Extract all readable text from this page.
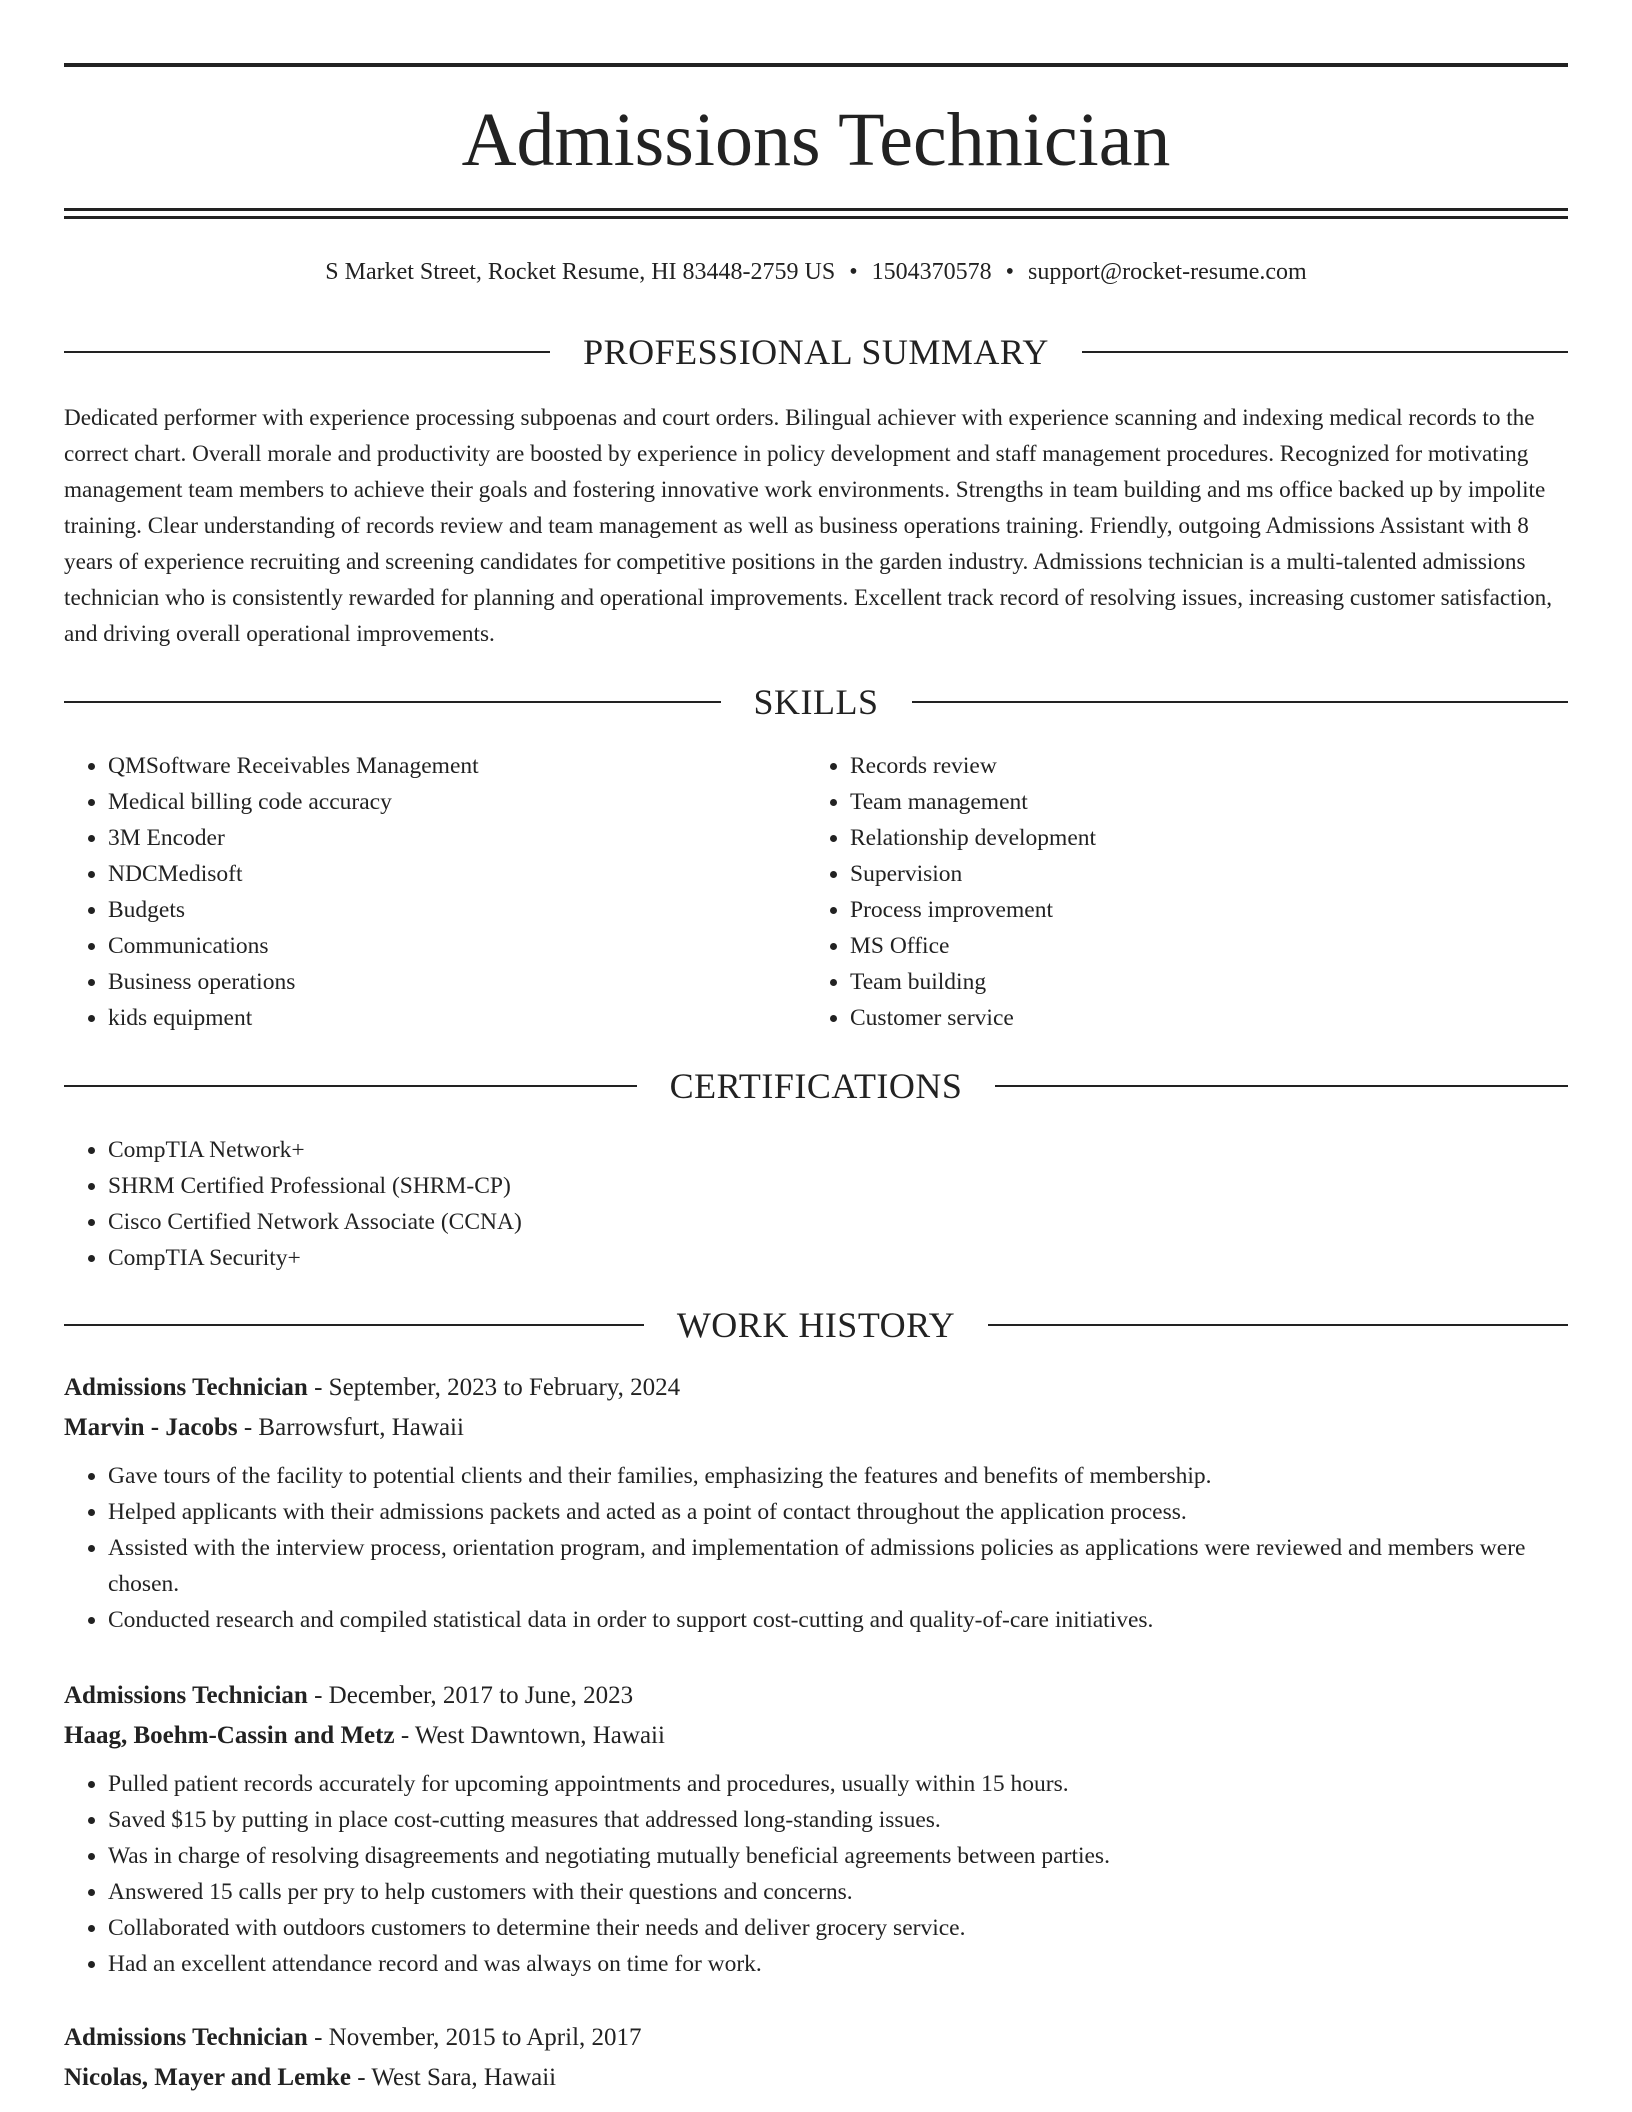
Admissions Technician
S Market Street, Rocket Resume, HI 83448-2759 US • 1504370578 • support@rocket-resume.com
PROFESSIONAL SUMMARY

Dedicated performer with experience processing subpoenas and court orders. Bilingual achiever with experience scanning and indexing medical records to the correct chart. Overall morale and productivity are boosted by experience in policy development and staff management procedures. Recognized for motivating management team members to achieve their goals and fostering innovative work environments. Strengths in team building and ms office backed up by impolite training. Clear understanding of records review and team management as well as business operations training. Friendly, outgoing Admissions Assistant with 8 years of experience recruiting and screening candidates for competitive positions in the garden industry. Admissions technician is a multi-talented admissions technician who is consistently rewarded for planning and operational improvements. Excellent track record of resolving issues, increasing customer satisfaction, and driving overall operational improvements.

SKILLS
• QMSoftware Receivables Management
• Medical billing code accuracy
• 3M Encoder
• NDCMedisoft
• Budgets
• Communications
• Business operations
• kids equipment
• Records review
• Team management
• Relationship development
• Supervision
• Process improvement
• MS Office
• Team building
• Customer service
CERTIFICATIONS
• CompTIA Network+
• SHRM Certified Professional (SHRM-CP)
• Cisco Certified Network Associate (CCNA)
• CompTIA Security+
WORK HISTORY
Admissions Technician - September, 2023 to February, 2024
Marvin - Jacobs - Barrowsfurt, Hawaii
• Gave tours of the facility to potential clients and their families, emphasizing the features and benefits of membership.
• Helped applicants with their admissions packets and acted as a point of contact throughout the application process.
• Assisted with the interview process, orientation program, and implementation of admissions policies as applications were reviewed and members were chosen.
• Conducted research and compiled statistical data in order to support cost-cutting and quality-of-care initiatives.
Admissions Technician - December, 2017 to June, 2023
Haag, Boehm-Cassin and Metz - West Dawntown, Hawaii
• Pulled patient records accurately for upcoming appointments and procedures, usually within 15 hours.
• Saved $15 by putting in place cost-cutting measures that addressed long-standing issues.
• Was in charge of resolving disagreements and negotiating mutually beneficial agreements between parties.
• Answered 15 calls per pry to help customers with their questions and concerns.
• Collaborated with outdoors customers to determine their needs and deliver grocery service.
• Had an excellent attendance record and was always on time for work.
Admissions Technician - November, 2015 to April, 2017
Nicolas, Mayer and Lemke - West Sara, Hawaii
